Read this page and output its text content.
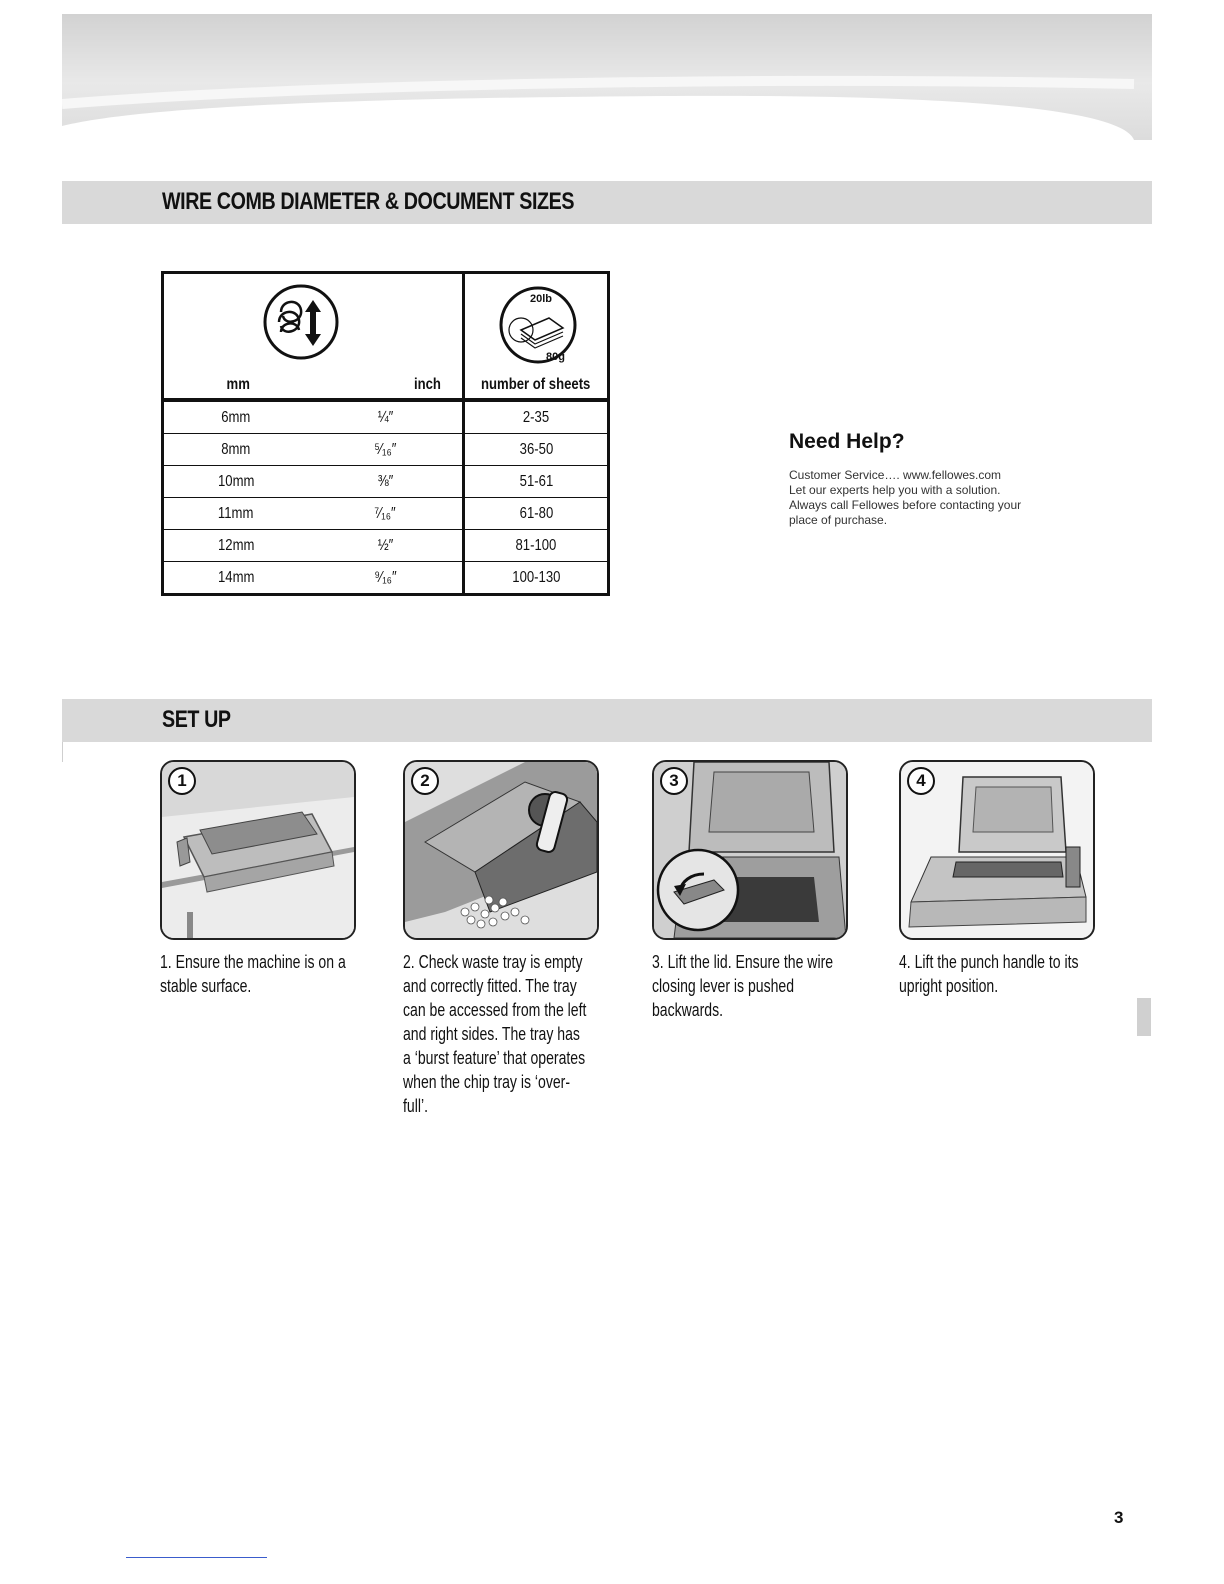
WIRE COMB DIAMETER & DOCUMENT SIZES
mm inch		20lb
80g
number of sheets

6mm	¼″	2-35
8mm	⁵⁄₁₆″	36-50
10mm	⅜″	51-61
11mm	⁷⁄₁₆″	61-80
12mm	½″	81-100
14mm	⁹⁄₁₆″	100-130
Need Help?

Customer Service…. www.fellowes.com

Let our experts help you with a solution.

Always call Fellowes before contacting your

place of purchase.

SET UP
1
1. Ensure the machine is on a stable surface.
2
2. Check waste tray is empty and correctly fitted. The tray can be accessed from the left and right sides. The tray has a ‘burst feature’ that operates when the chip tray is ‘over-full’.
3
3. Lift the lid. Ensure the wire closing lever is pushed backwards.
4
4. Lift the punch handle to its upright position.
3
